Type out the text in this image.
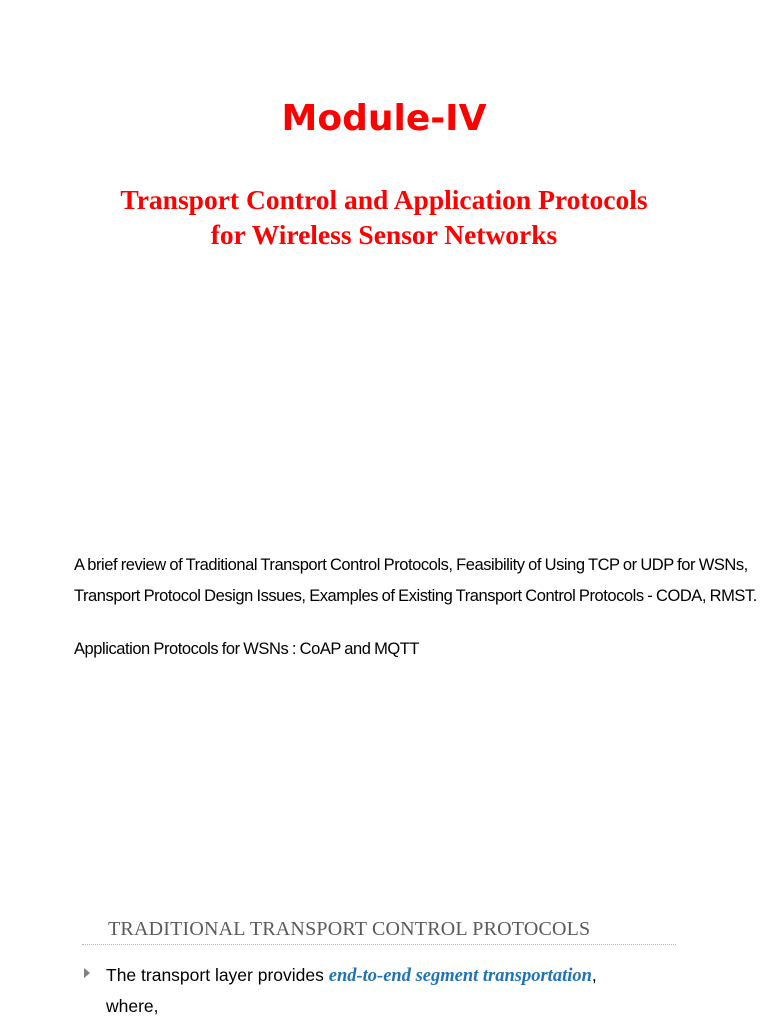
Module-IV
Transport Control and Application Protocols
for Wireless Sensor Networks
A brief review of Traditional Transport Control Protocols, Feasibility of Using TCP or UDP for WSNs,
Transport Protocol Design Issues, Examples of Existing Transport Control Protocols - CODA, RMST.
Application Protocols for WSNs : CoAP and MQTT
TRADITIONAL TRANSPORT CONTROL PROTOCOLS
The transport layer provides end-to-end segment transportation,
where,
